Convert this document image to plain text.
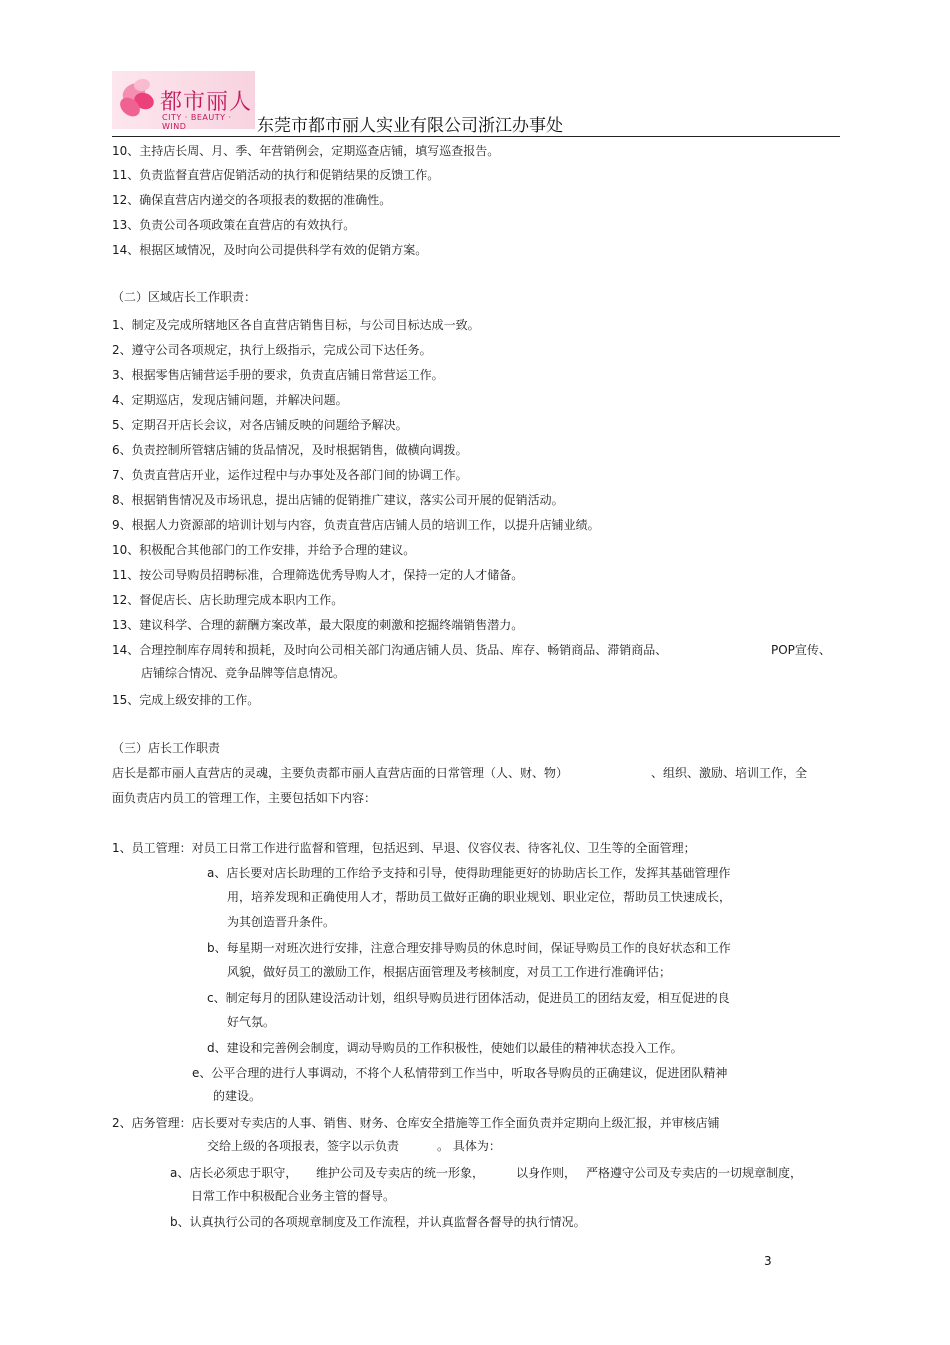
都市丽人
CITY · BEAUTY · WIND	东莞市都市丽人实业有限公司浙江办事处
10、主持店长周、月、季、年营销例会，定期巡查店铺，填写巡查报告。
11、负责监督直营店促销活动的执行和促销结果的反馈工作。
12、确保直营店内递交的各项报表的数据的准确性。
13、负责公司各项政策在直营店的有效执行。
14、根据区域情况，及时向公司提供科学有效的促销方案。
（二）区域店长工作职责：
1、制定及完成所辖地区各自直营店销售目标，与公司目标达成一致。
2、遵守公司各项规定，执行上级指示，完成公司下达任务。
3、根据零售店铺营运手册的要求，负责直店铺日常营运工作。
4、定期巡店，发现店铺问题，并解决问题。
5、定期召开店长会议，对各店铺反映的问题给予解决。
6、负责控制所管辖店铺的货品情况，及时根据销售，做横向调拨。
7、负责直营店开业，运作过程中与办事处及各部门间的协调工作。
8、根据销售情况及市场讯息，提出店铺的促销推广建议，落实公司开展的促销活动。
9、根据人力资源部的培训计划与内容，负责直营店店铺人员的培训工作，以提升店铺业绩。
10、积极配合其他部门的工作安排，并给予合理的建议。
11、按公司导购员招聘标准，合理筛选优秀导购人才，保持一定的人才储备。
12、督促店长、店长助理完成本职内工作。
13、建议科学、合理的薪酬方案改革，最大限度的刺激和挖掘终端销售潜力。
14、合理控制库存周转和损耗，及时向公司相关部门沟通店铺人员、货品、库存、畅销商品、滞销商品、	POP宣传、
店铺综合情况、竞争品牌等信息情况。
15、完成上级安排的工作。
（三）店长工作职责
店长是都市丽人直营店的灵魂，主要负责都市丽人直营店面的日常管理（人、财、物）	、组织、激励、培训工作，全
面负责店内员工的管理工作，主要包括如下内容：
1、员工管理：对员工日常工作进行监督和管理，包括迟到、早退、仪容仪表、待客礼仪、卫生等的全面管理；
a、店长要对店长助理的工作给予支持和引导，使得助理能更好的协助店长工作，发挥其基础管理作
用，培养发现和正确使用人才，帮助员工做好正确的职业规划、职业定位，帮助员工快速成长，
为其创造晋升条件。
b、每星期一对班次进行安排，注意合理安排导购员的休息时间，保证导购员工作的良好状态和工作
风貌，做好员工的激励工作，根据店面管理及考核制度，对员工工作进行准确评估；
c、制定每月的团队建设活动计划，组织导购员进行团体活动，促进员工的团结友爱，相互促进的良
好气氛。
d、建设和完善例会制度，调动导购员的工作积极性，使她们以最佳的精神状态投入工作。
e、公平合理的进行人事调动，不将个人私情带到工作当中，听取各导购员的正确建议，促进团队精神
的建设。
2、店务管理：店长要对专卖店的人事、销售、财务、仓库安全措施等工作全面负责并定期向上级汇报，并审核店铺
交给上级的各项报表，签字以示负责	。 具体为：
a、店长必须忠于职守， 维护公司及专卖店的统一形象，	以身作则， 严格遵守公司及专卖店的一切规章制度，
日常工作中积极配合业务主管的督导。
b、认真执行公司的各项规章制度及工作流程，并认真监督各督导的执行情况。
3
